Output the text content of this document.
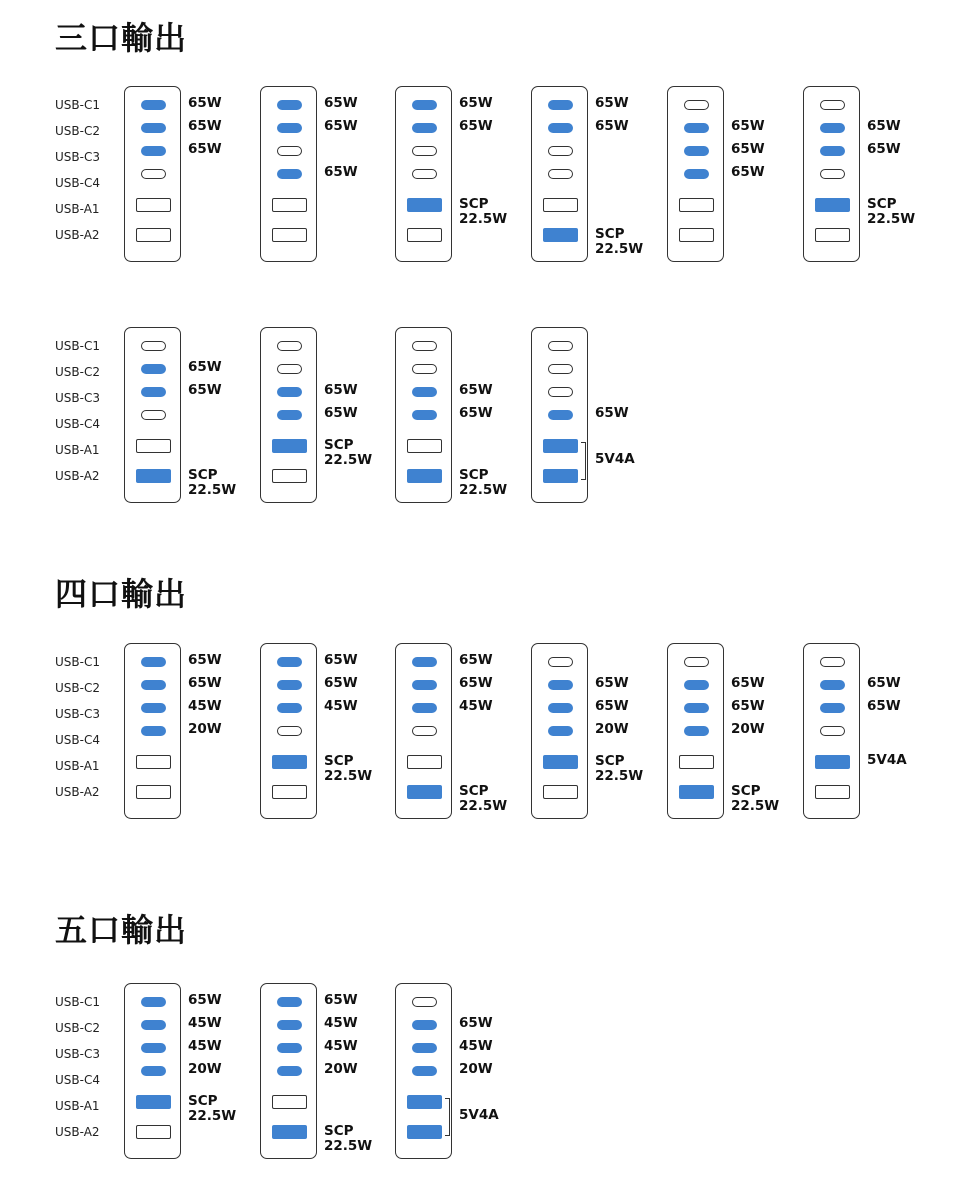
三口輸出
USB-C1
USB-C2
USB-C3
USB-C4
USB-A1
USB-A2
65W
65W
65W
65W
65W
65W
65W
65W
SCP
22.5W
65W
65W
SCP
22.5W
65W
65W
65W
65W
65W
SCP
22.5W
USB-C1
USB-C2
USB-C3
USB-C4
USB-A1
USB-A2
65W
65W
SCP
22.5W
65W
65W
SCP
22.5W
65W
65W
SCP
22.5W
65W
5V4A
四口輸出
USB-C1
USB-C2
USB-C3
USB-C4
USB-A1
USB-A2
65W
65W
45W
20W
65W
65W
45W
SCP
22.5W
65W
65W
45W
SCP
22.5W
65W
65W
20W
SCP
22.5W
65W
65W
20W
SCP
22.5W
65W
65W
5V4A
五口輸出
USB-C1
USB-C2
USB-C3
USB-C4
USB-A1
USB-A2
65W
45W
45W
20W
SCP
22.5W
65W
45W
45W
20W
SCP
22.5W
65W
45W
20W
5V4A
